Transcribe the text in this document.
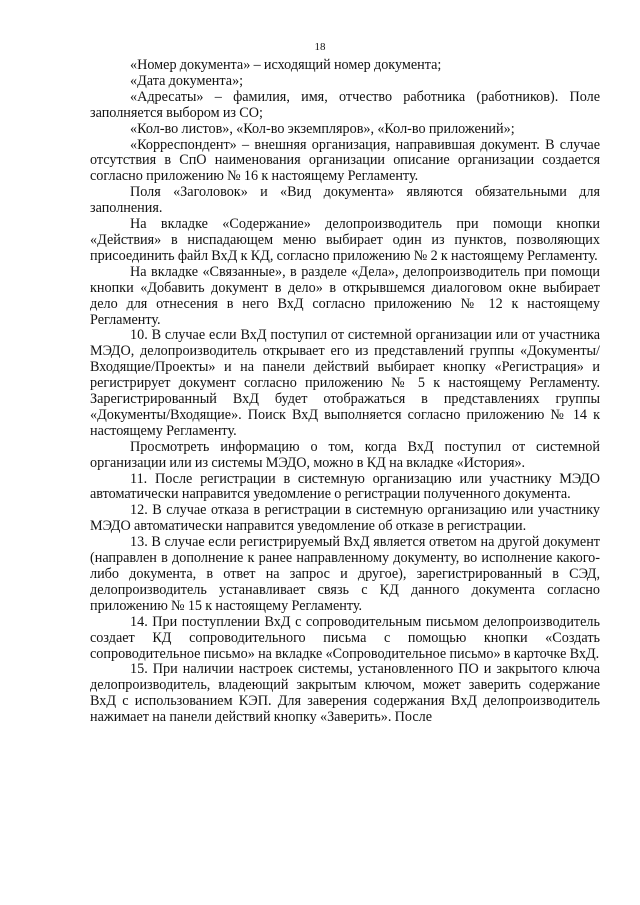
18

«Номер документа» – исходящий номер документа;

«Дата документа»;

«Адресаты» – фамилия, имя, отчество работника (работников). Поле заполняется выбором из СО;

«Кол-во листов», «Кол-во экземпляров», «Кол-во приложений»;

«Корреспондент» – внешняя организация, направившая документ. В случае отсутствия в СпО наименования организации описание организации создается согласно приложению № 16 к настоящему Регламенту.

Поля «Заголовок» и «Вид документа» являются обязательными для заполнения.

На вкладке «Содержание» делопроизводитель при помощи кнопки «Действия» в ниспадающем меню выбирает один из пунктов, позволяющих присоединить файл ВхД к КД, согласно приложению № 2 к настоящему Регламенту.

На вкладке «Связанные», в разделе «Дела», делопроизводитель при помощи кнопки «Добавить документ в дело» в открывшемся диалоговом окне выбирает дело для отнесения в него ВхД согласно приложению № 12 к настоящему Регламенту.

10. В случае если ВхД поступил от системной организации или от участника МЭДО, делопроизводитель открывает его из представлений группы «Документы/Входящие/Проекты» и на панели действий выбирает кнопку «Регистрация» и регистрирует документ согласно приложению № 5 к настоящему Регламенту. Зарегистрированный ВхД будет отображаться в представлениях группы «Документы/Входящие». Поиск ВхД выполняется согласно приложению № 14 к настоящему Регламенту.

Просмотреть информацию о том, когда ВхД поступил от системной организации или из системы МЭДО, можно в КД на вкладке «История».

11. После регистрации в системную организацию или участнику МЭДО автоматически направится уведомление о регистрации полученного документа.

12. В случае отказа в регистрации в системную организацию или участнику МЭДО автоматически направится уведомление об отказе в регистрации.

13. В случае если регистрируемый ВхД является ответом на другой документ (направлен в дополнение к ранее направленному документу, во исполнение какого-либо документа, в ответ на запрос и другое), зарегистрированный в СЭД, делопроизводитель устанавливает связь с КД данного документа согласно приложению № 15 к настоящему Регламенту.

14. При поступлении ВхД с сопроводительным письмом делопроизводитель создает КД сопроводительного письма с помощью кнопки «Создать сопроводительное письмо» на вкладке «Сопроводительное письмо» в карточке ВхД.

15. При наличии настроек системы, установленного ПО и закрытого ключа делопроизводитель, владеющий закрытым ключом, может заверить содержание ВхД с использованием КЭП. Для заверения содержания ВхД делопроизводитель нажимает на панели действий кнопку «Заверить». После
